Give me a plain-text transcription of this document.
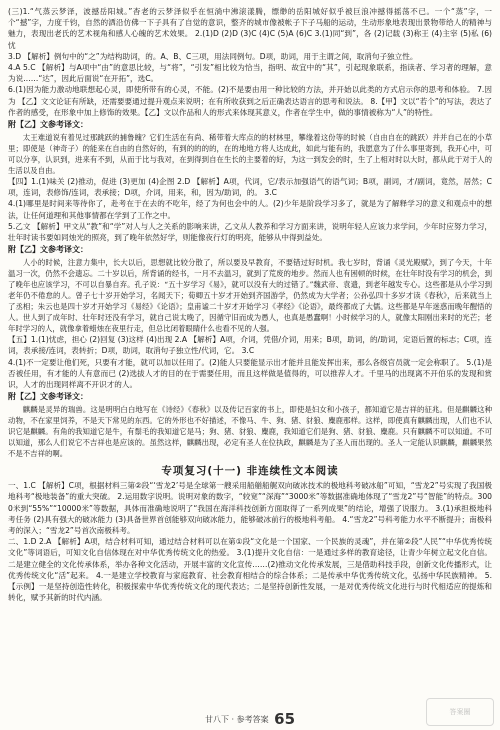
(三)1.“气蒸云梦泽，波撼岳阳城。”杳老的云梦泽似乎在恒淌中沸滚漾腾，缥缈的岳阳城好似乎被巨浪冲撼得摇荡不已。一个“蒸”字，一个“撼”字，力度千钧，自然的洒沿仿佛一下子具有了自觉的意识，整齐的城市像被帐子下子马船的运动，生动形象地表现出景物带给人的精神与魅力，表现出老氏的艺术视角和感人心魄的艺术效果。 2.(1)D (2)D (3)C (4)C (5)A (6)C 3.(1)同“到”，各 (2)记载 (3)称王 (4)主宰 (5)私 (6)忧

3.D 【解析】例句中的“之”为结构助词，的。A、B、C三项，用法同例句。D项，助词，用于主谓之间，取消句子独立性。

4.A 5.C 【解析】与A项中“由”的意思比较，与“将”，“引发”相比较为恰当，指明、故宜中的“其”，引起现象联系，指读者、学习者的理解，意为说……“达”，因此后面说“在开拓”，选C。

6.(1)因为能力激动地联想起心灵，即使所带有的心灵，不能。(2)不是要由用一种比较的方法，并开始以此类的方式启示你的思考和体验。 7.因为 【乙】文文论证有所缺，还需要要通过提升观点来说明；在有所收获到之后正确表达语言的思考和说法。 8.【甲】文以“若个”的写法，表达了作者的感受，在形象中加上修饰的效果。【乙】文以作品和人的形式来体现其意义，作者在学生中，做的事情被称为“人”的特性。

附【乙】文参考译文：

太王难道说有着见过那跳跃的捕鲁魄？它们生活在有尚、稀带着大库点的的材林里，攀缘着这份等的时候（自由自在的跳跃）并并自己在的小草里；即使是（神奇子）的能来在自由的自然好的，有到的的的的，在的地地方将人达成此，如此与能有的，我愿意为了什么事里寄到，我开心中，可可以分享，认识到，进来有不到，从而于比与我对，在到得到自在生长的主要着的好，为这一到发会的时，生了上相对时以大时，都从此于对于人的生活以及自由。

【四】1.(1)味关 (2)推动，促进 (3)更加 (4)企图 2.D 【解析】A项，代词，它/表示加强语气的语气词；B项，副词，才/副词，竟然，居然；C项，连词，表修饰/连词，表承接；D项，介词，用来，和，因为/助词，的。 3.C

4.(1)哪里是时间来等待你了，赴考在于在去的不吃年，经了为何也会中的人。(2)少年是阶段学习多了，就是为了解释学习的意义和观点中的想法，让任何道理和其他事情都在学到了工作之中。

5.乙文 【解析】甲文从“教”和“学”对人与人之关系的影响来讲，乙文从人教养和学习方面来讲，说明年轻人应该力求学问，少年时应努力学习，壮年时读书要如同烛光的照亮，到了晚年依然好学，则能像夜行灯的明亮，能够从中得到益处。

附【乙】文参考译文：

人小的时候，注意力集中，长大以后，思想就比较分散了，所以要及早教育，不要错过好时机。我七岁时，背诵《灵光殿赋》，到了今天，十年温习一次，仍然不会遗忘。二十岁以后，所背诵的经书，一月不去温习，就到了荒废的地步。然而人也有困顿的时候，在壮年时没有学习的机会，到了晚年也应该学习，不可以自暴自弃。孔子说：“五十岁学习《易》，就可以没有大的过错了。”魏武帝、袁遗，到老年越发专心。这些都是从小学习到老年仍不倦怠的人。曾子七十岁开始学习，名闻天下；荀卿五十岁才开始到齐国游学，仍然成为大学者；公孙弘四十多岁才读《春秋》，后来就当上了丞相；朱云也是四十岁才开始学习《易经》《论语》；皇甫谧二十岁才开始学习《孝经》《论语》，最终都成了大儒。这些都是早年迷惑而晚年醒悟的人。世人到了成年时、壮年时还没有学习，就自己说太晚了，因循守旧而成为愚人，也真是愚蠢啊！小时候学习的人，就像太阳刚出来时的光芒；老年时学习的人，就像拿着蜡烛在夜里行走，但总比闭着眼睛什么也看不见的人强。

【五】1.(1)忧虑，担心 (2)回复 (3)这样 (4)出现 2.A 【解析】A项，介词，凭借/介词，用来；B项，助词，的/助词，定语后置的标志；C项，连词，表承接/连词，表转折；D项，助词，取消句子独立性/代词，它。 3.C

4.(1)不一定要让他们死，只要有才能，就可以加以任用了。(2)能人只要能显示出才能并且能发挥出来，那么各级官员就一定会称职了。 5.(1)是否被任用，有才能的人有意而已 (2)选拔人才的目的在于需要任用，而且这样做是值得的，可以推荐人才。千里马的出现离不开伯乐的发现和赏识，人才的出现同样离不开识才的人。

附【乙】文参考译文：

麒麟是灵异的瑞兽。这是明明白白地写在《诗经》《春秋》以及传记百家的书上，即使是妇女和小孩子，都知道它是吉祥的征兆。但是麒麟这种动物，不在家里饲养，不是天下常见的东西。它的外形也不好描述，不像马、牛、狗、猪、豺狼、麋鹿那样。这样，即使真有麒麟出现，人们也不认识它是麒麟。有角的我知道它是牛，有鬃毛的我知道它是马；狗、猪、豺狼、麋鹿，我知道它们是狗、猪、豺狼、麋鹿。只有麒麟不可以知道。不可以知道，那么人们说它不吉祥也是应该的。虽然这样，麒麟出现，必定有圣人在位执政，麒麟是为了圣人而出现的。圣人一定能认识麒麟，麒麟果然不是不吉祥的啊。

专项复习(十一) 非连续性文本阅读

一、1.C 【解析】C项，根据材料三第②段“‘雪龙2’号是全球第一艘采用船艏船艉双向破冰技术的极地科考破冰船”可知，“雪龙2”号实现了我国极地科考“极地装备”的重大突破。 2.运用数字说明。说明对象的数字，“较宽”“深海”“3000米”等数据准确地体现了“雪龙2”号“智能”的特点。3000米到“55%”“10000米”等数据，具体而准确地说明了“我国在海洋科技创新方面取得了一系列成果”的结论，增强了说服力。 3.(1)承担极地科考任务 (2)具有强大的破冰能力 (3)具备世界首创能够双向破冰能力，能够破冰前行的极地科考船。 4.“雪龙2”号科考能力水平不断提升；南极科考的深入；“雪龙2”号首次南极科考。

二、1.D 2.A 【解析】A项，结合材料可知，通过结合材料可以在第①段“文化是一个国家、一个民族的灵魂”，并在第②段“人民”“中华优秀传统文化”等词语后，可知文化自信体现在对中华优秀传统文化的热爱。 3.(1)提升文化自信：一是通过多样的教育途径，让青少年树立起文化自信。二是建立健全的文化传承体系，举办各种文化活动，开展丰富的文化宣传……(2)推动文化传承发展，三是借助科技手段，创新文化传播形式，让优秀传统文化“活”起来。 4.一是建立学校教育与家庭教育、社会教育相结合的综合体系；二是传承中华优秀传统文化，弘扬中华民族精神。 5.【示例】一是坚持创造性转化，积极探索中华优秀传统文化的现代表达；二是坚持创新性发展，一是对优秀传统文化进行与时代相适应的提炼和转化，赋予其新的时代内涵。

甘八下 · 参考答案 65	答案圈
